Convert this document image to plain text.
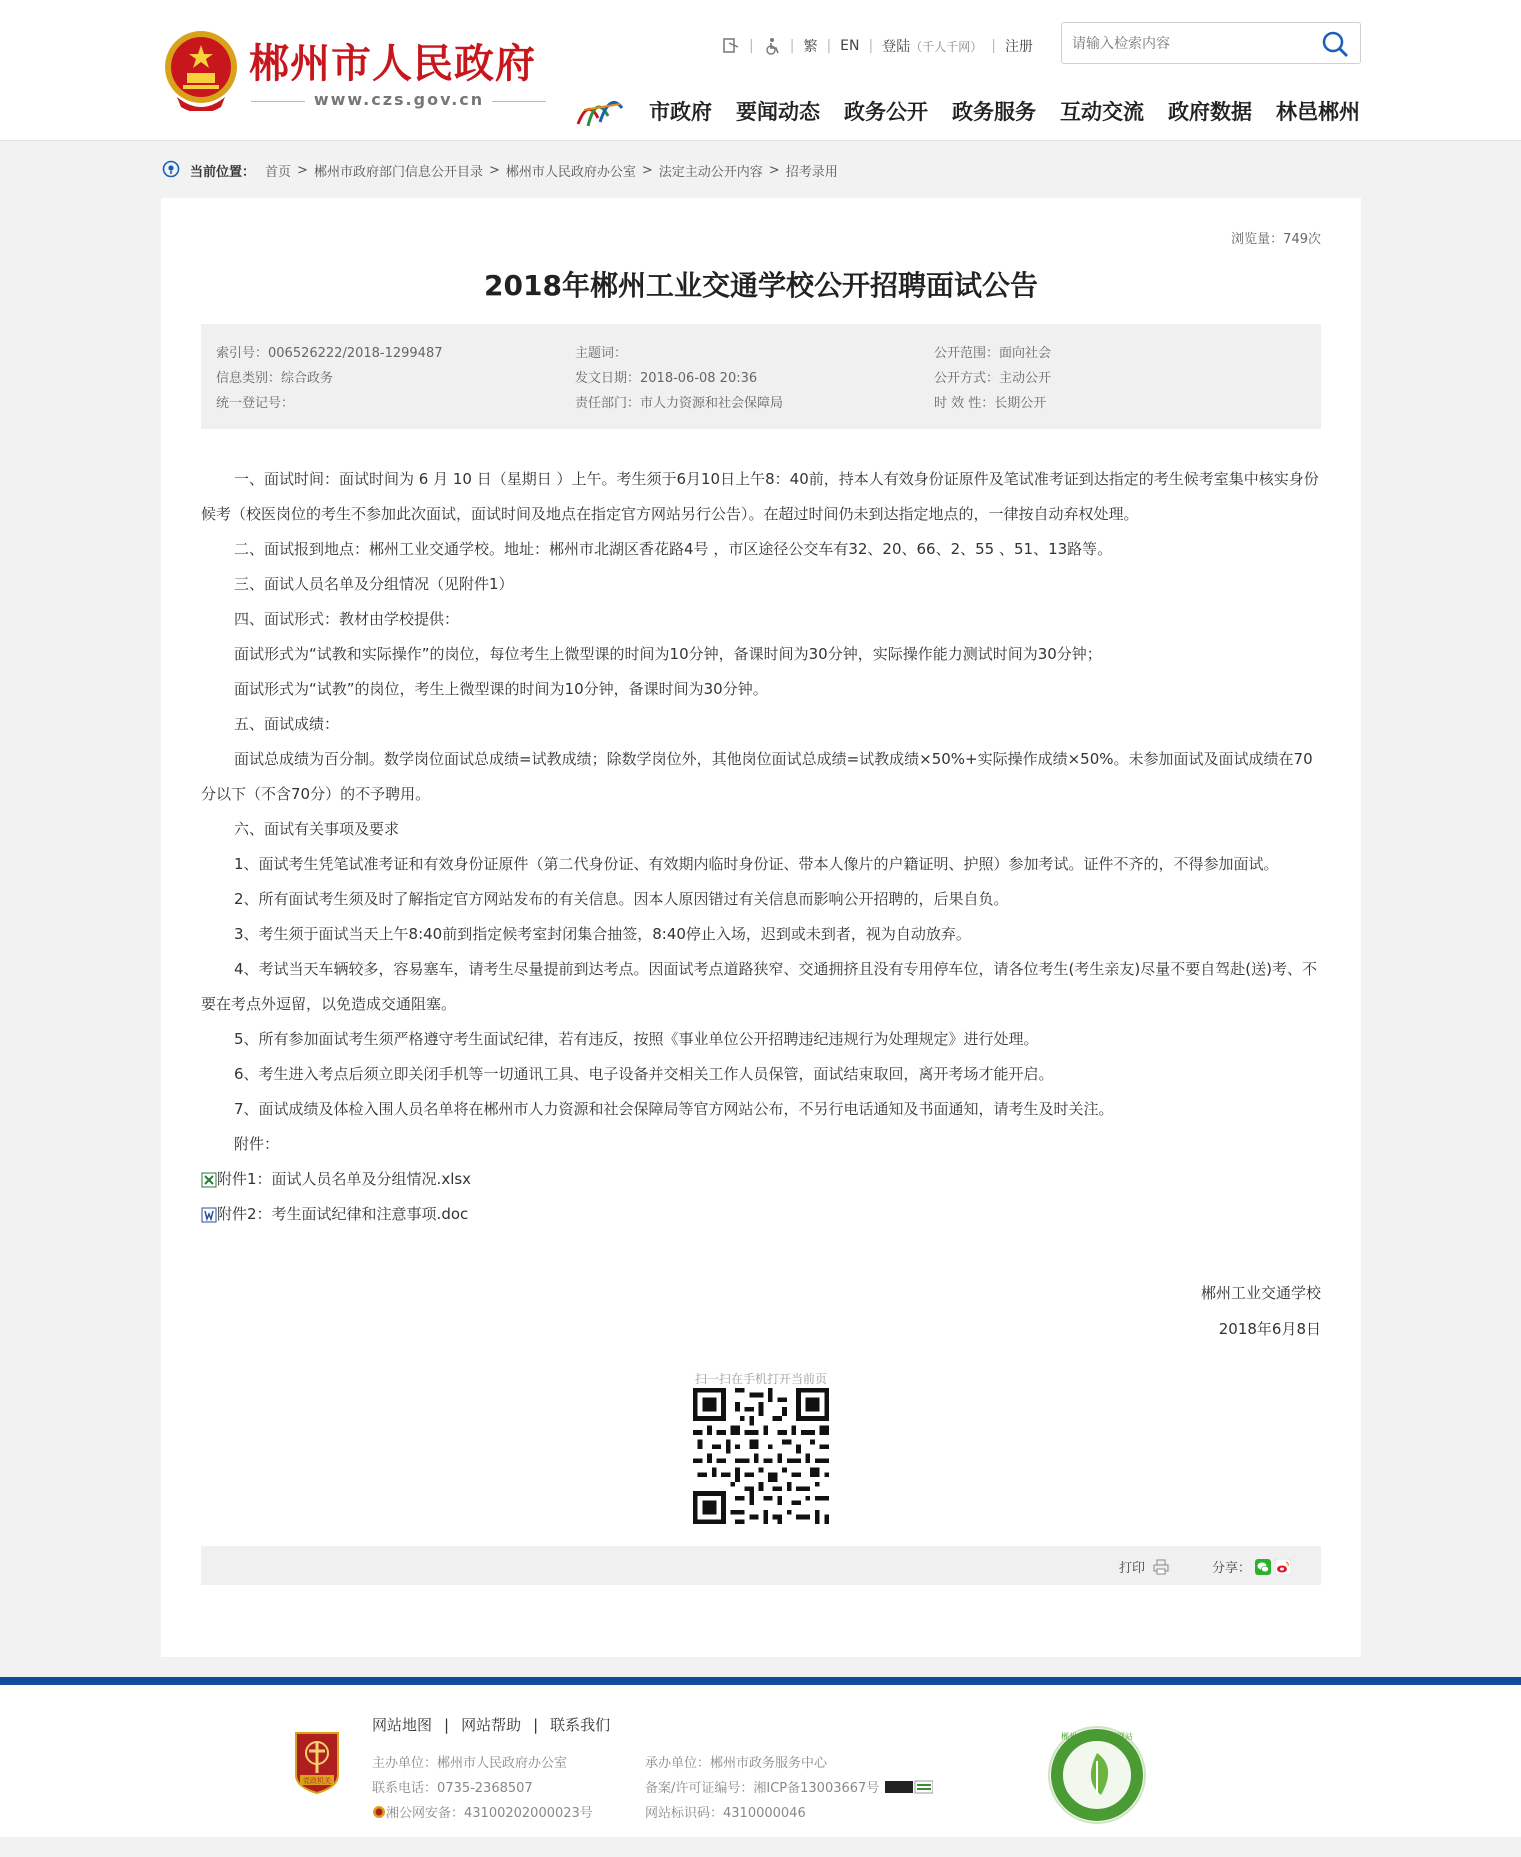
郴州市人民政府
www.czs.gov.cn
|	| 繁 | EN | 登陆 （千人千网） | 注册
请输入检索内容
市政府 要闻动态 政务公开 政务服务 互动交流 政府数据 林邑郴州
当前位置： 首页 > 郴州市政府部门信息公开目录 > 郴州市人民政府办公室 > 法定主动公开内容 > 招考录用
浏览量：749次
2018年郴州工业交通学校公开招聘面试公告
索引号：006526222/2018-1299487
信息类别：综合政务
统一登记号：
主题词：
发文日期：2018-06-08 20:36
责任部门：市人力资源和社会保障局
公开范围：面向社会
公开方式：主动公开
时 效 性：长期公开

一、面试时间：面试时间为 6 月 10 日（星期日 ）上午。考生须于6月10日上午8：40前，持本人有效身份证原件及笔试准考证到达指定的考生候考室集中核实身份候考（校医岗位的考生不参加此次面试，面试时间及地点在指定官方网站另行公告）。在超过时间仍未到达指定地点的，一律按自动弃权处理。

二、面试报到地点：郴州工业交通学校。地址：郴州市北湖区香花路4号 ，市区途径公交车有32、20、66、2、55 、51、13路等。

三、面试人员名单及分组情况（见附件1）

四、面试形式：教材由学校提供：

面试形式为“试教和实际操作”的岗位，每位考生上微型课的时间为10分钟，备课时间为30分钟，实际操作能力测试时间为30分钟；

面试形式为“试教”的岗位，考生上微型课的时间为10分钟，备课时间为30分钟。

五、面试成绩：

面试总成绩为百分制。数学岗位面试总成绩=试教成绩；除数学岗位外，其他岗位面试总成绩=试教成绩×50%+实际操作成绩×50%。未参加面试及面试成绩在70分以下（不含70分）的不予聘用。

六、面试有关事项及要求

1、面试考生凭笔试准考证和有效身份证原件（第二代身份证、有效期内临时身份证、带本人像片的户籍证明、护照）参加考试。证件不齐的，不得参加面试。

2、所有面试考生须及时了解指定官方网站发布的有关信息。因本人原因错过有关信息而影响公开招聘的，后果自负。

3、考生须于面试当天上午8:40前到指定候考室封闭集合抽签，8:40停止入场，迟到或未到者，视为自动放弃。

4、考试当天车辆较多，容易塞车，请考生尽量提前到达考点。因面试考点道路狭窄、交通拥挤且没有专用停车位，请各位考生(考生亲友)尽量不要自驾赴(送)考、不要在考点外逗留，以免造成交通阻塞。

5、所有参加面试考生须严格遵守考生面试纪律，若有违反，按照《事业单位公开招聘违纪违规行为处理规定》进行处理。

6、考生进入考点后须立即关闭手机等一切通讯工具、电子设备并交相关工作人员保管，面试结束取回，离开考场才能开启。

7、面试成绩及体检入围人员名单将在郴州市人力资源和社会保障局等官方网站公布，不另行电话通知及书面通知，请考生及时关注。

附件：

附件1：面试人员名单及分组情况.xlsx

附件2：考生面试纪律和注意事项.doc

郴州工业交通学校
2018年6月8日
扫一扫在手机打开当前页
打印	分享：
党政机关
网站地图 | 网站帮助 | 联系我们
主办单位：郴州市人民政府办公室
联系电话：0735-2368507
湘公网安备：43100202000023号
承办单位：郴州市政务服务中心
备案/许可证编号：湘ICP备13003667号
网站标识码：4310000046
郴州市创建文明网站
